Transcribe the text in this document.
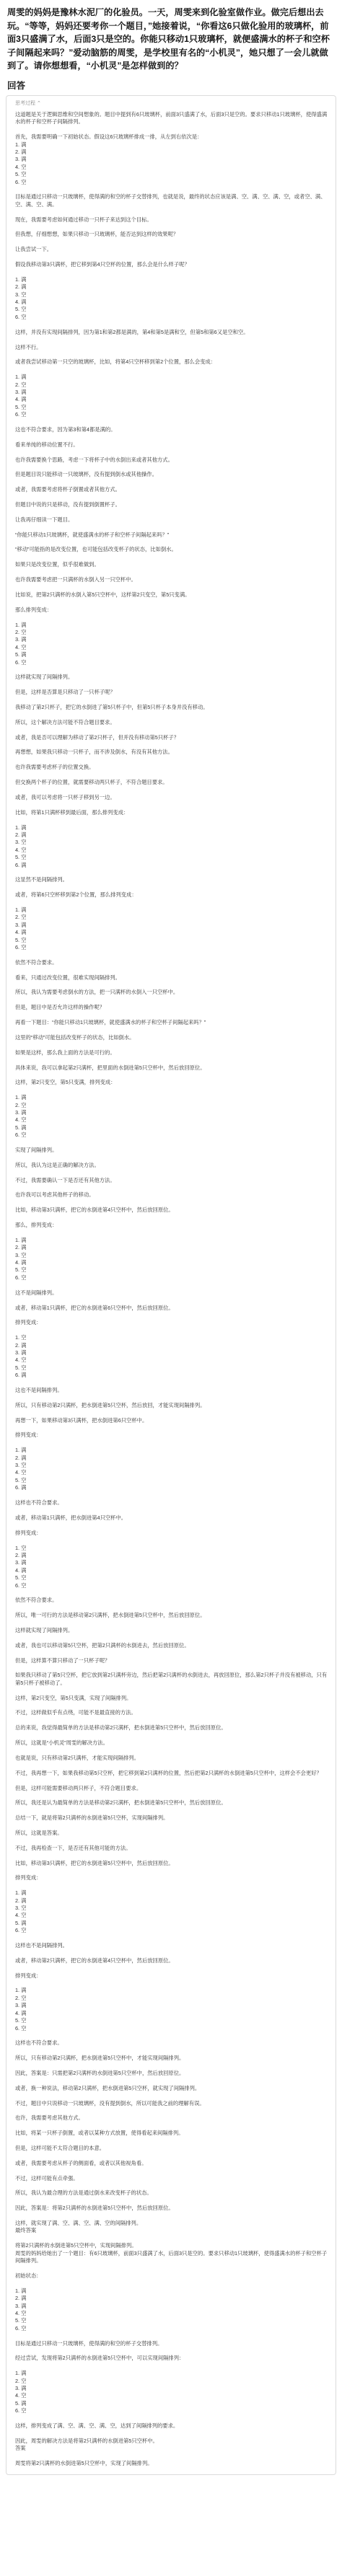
周雯的妈妈是豫林水泥厂的化验员。一天，周雯来到化验室做作业。做完后想出去玩。“等等，妈妈还要考你一个题目，”她接着说，“你看这6只做化验用的玻璃杯，前面3只盛满了水，后面3只是空的。你能只移动1只玻璃杯，就便盛满水的杯子和空杯子间隔起来吗？”爱动脑筋的周雯，是学校里有名的“小机灵”，她只想了一会儿就做到了。请你想想看，“小机灵”是怎样做到的？
回答
思考过程 ⌃
这道题是关于逻辑思维和空间想象的。题目中提到有6只玻璃杯，前面3只盛满了水，后面3只是空的。要求只移动1只玻璃杯，使得盛满水的杯子和空杯子间隔排列。

首先，我需要明确一下初始状态。假设这6只玻璃杯排成一排，从左到右依次是：
1. 满
2. 满
3. 满
4. 空
5. 空
6. 空

目标是通过只移动一只玻璃杯，使得满的和空的杯子交替排列，也就是说，最终的状态应该是满、空、满、空、满、空，或者空、满、空、满、空、满。

现在，我需要考虑如何通过移动一只杯子来达到这个目标。

但我想，仔细想想，如果只移动一只玻璃杯，能否达到这样的效果呢？

让我尝试一下。

假设我移动第3只满杯，把它移到第4只空杯的位置，那么会是什么样子呢？

1. 满
2. 满
3. 空
4. 满
5. 空
6. 空

这样，并没有实现间隔排列，因为第1和第2都是满的，第4和第5是满和空，但第5和第6又是空和空。

这样不行。

或者我尝试移动第一只空的玻璃杯，比如，将第4只空杯移到第2个位置，那么会变成：

1. 满
2. 空
3. 满
4. 满
5. 空
6. 空

这也不符合要求，因为第3和第4都是满的。

看来单纯的移动位置不行。

也许我需要换个思路，考虑一下将杯子中的水倒出来或者其他方式。

但是题目说只能移动一只玻璃杯，没有提到倒水或其他操作。

或者，我需要考虑将杯子倒置或者其他方式。

但题目中说的只是移动，没有提到倒置杯子。

让我再仔细读一下题目。

“你能只移动1只玻璃杯，就使盛满水的杯子和空杯子间隔起来吗？”

“移动”可能指的是改变位置，也可能包括改变杯子的状态，比如倒水。

如果只是改变位置，似乎很难做到。

也许我需要考虑把一只满杯的水倒入另一只空杯中。

比如说，把第2只满杯的水倒入第5只空杯中，这样第2只变空，第5只变满。

那么排列变成：

1. 满
2. 空
3. 满
4. 空
5. 满
6. 空

这样就实现了间隔排列。

但是，这样是否算是只移动了一只杯子呢？

我移动了第2只杯子，把它的水倒进了第5只杯子中，但第5只杯子本身并没有移动。

所以，这个解决方法可能不符合题目要求。

或者，我是否可以理解为移动了第2只杯子，但并没有移动第5只杯子？

再想想，如果我只移动一只杯子，而不涉及倒水，有没有其他方法。

也许我需要考虑杯子的位置交换。

但交换两个杯子的位置，就需要移动两只杯子，不符合题目要求。

或者，我可以考虑将一只杯子移到另一边。

比如，将第1只满杯移到最后面，那么排列变成：

1. 满
2. 满
3. 空
4. 空
5. 空
6. 满

这显然不是间隔排列。

或者，将第6只空杯移到第2个位置，那么排列变成：

1. 满
2. 空
3. 满
4. 满
5. 空
6. 空

依然不符合要求。

看来，只通过改变位置，很难实现间隔排列。

所以，我认为需要考虑倒水的方法，把一只满杯的水倒入一只空杯中。

但是，题目中是否允许这样的操作呢？

再看一下题目：“你能只移动1只玻璃杯，就使盛满水的杯子和空杯子间隔起来吗？”

这里的“移动”可能包括改变杯子的状态，比如倒水。

如果是这样，那么我上面的方法是可行的。

具体来说，我可以拿起第2只满杯，把里面的水倒进第5只空杯中，然后放回原位。

这样，第2只变空，第5只变满，排列变成：

1. 满
2. 空
3. 满
4. 空
5. 满
6. 空

实现了间隔排列。

所以，我认为这是正确的解决方法。

不过，我需要确认一下是否还有其他方法。

也许我可以考虑其他杯子的移动。

比如，移动第3只满杯，把它的水倒进第4只空杯中，然后放回原位。

那么，排列变成：

1. 满
2. 满
3. 空
4. 满
5. 空
6. 空

这不是间隔排列。

或者，移动第1只满杯，把它的水倒进第6只空杯中，然后放回原位。

排列变成：

1. 空
2. 满
3. 满
4. 空
5. 空
6. 满

这也不是间隔排列。

所以，只有移动第2只满杯，把水倒进第5只空杯，然后放回，才能实现间隔排列。

再想一下，如果移动第3只满杯，把水倒进第6只空杯中。

排列变成：

1. 满
2. 满
3. 空
4. 空
5. 空
6. 满

这样也不符合要求。

或者，移动第1只满杯，把水倒进第4只空杯中。

排列变成：

1. 空
2. 满
3. 满
4. 满
5. 空
6. 空

依然不符合要求。

所以，唯一可行的方法是移动第2只满杯，把水倒进第5只空杯中，然后放回原位。

这样就实现了间隔排列。

或者，我也可以移动第5只空杯，把第2只满杯的水倒进去，然后放回原位。

但是，这样算不算只移动了一只杯子呢？

如果我只移动了第5只空杯，把它放到第2只满杯旁边，然后把第2只满杯的水倒进去，再放回原位，那么第2只杯子并没有被移动，只有第5只杯子被移动了。

这样，第2只变空，第5只变满，实现了间隔排列。

不过，这样做似乎有点绕，可能不是最直接的方法。

总的来说，我觉得最简单的方法是移动第2只满杯，把水倒进第5只空杯中，然后放回原位。

所以，这就是“小机灵”周雯的解决方法。

也就是说，只有移动第2只满杯，才能实现间隔排列。

不过，我再想一下，如果我移动第5只空杯，把它移到第2只满杯的位置，然后把第2只满杯的水倒进第5只空杯中，这样会不会更好？

但是，这样可能需要移动两只杯子，不符合题目要求。

所以，我还是认为最简单的方法是移动第2只满杯，把水倒进第5只空杯中，然后放回原位。

总结一下，就是将第2只满杯的水倒进第5只空杯，实现间隔排列。

所以，这就是答案。

不过，我再检查一下，是否还有其他可能的方法。

比如，移动第3只满杯，把它的水倒进第5只空杯中，然后放回原位。

排列变成：

1. 满
2. 满
3. 空
4. 空
5. 满
6. 空

这样也不是间隔排列。

或者，移动第2只满杯，把它的水倒进第4只空杯中，然后放回原位。

排列变成：

1. 满
2. 空
3. 满
4. 满
5. 空
6. 空

这样也不符合要求。

所以，只有移动第2只满杯，把水倒进第5只空杯中，才能实现间隔排列。

因此，答案是：只需把第2只满杯的水倒进第5只空杯中，然后放回原位。

或者，换一种说法，移动第2只满杯，把水倒进第5只空杯，就实现了间隔排列。

不过，题目中只说移动一只玻璃杯，没有提到倒水，所以可能我之前的理解有误。

也许，我需要考虑其他方式。

比如，将某一只杯子倒置，或者以某种方式放置，使得看起来间隔排列。

但是，这样可能不太符合题目的本意。

或者，我需要考虑从杯子的侧面看，或者以其他视角看。

不过，这样可能有点牵强。

所以，我认为最合理的方法是通过倒水来改变杯子的状态。

因此，答案是：将第2只满杯的水倒进第5只空杯中，然后放回原位。

这样，就实现了满、空、满、空、满、空的间隔排列。
最终答案

将第2只满杯的水倒进第5只空杯中，实现间隔排列。
周雯的妈妈给她出了一个题目：有6只玻璃杯，前面3只盛满了水，后面3只是空的。要求只移动1只玻璃杯，使得盛满水的杯子和空杯子间隔排列。

初始状态：

1. 满
2. 满
3. 满
4. 空
5. 空
6. 空

目标是通过只移动一只玻璃杯，使得满的和空的杯子交替排列。

经过尝试，发现将第2只满杯的水倒进第5只空杯中，可以实现间隔排列：

1. 满
2. 空
3. 满
4. 空
5. 满
6. 空

这样，排列变成了满、空、满、空、满、空，达到了间隔排列的要求。

因此，周雯的解决方法是将第2只满杯的水倒进第5只空杯中。
答案

周雯将第2只满杯的水倒进第5只空杯中，实现了间隔排列。
